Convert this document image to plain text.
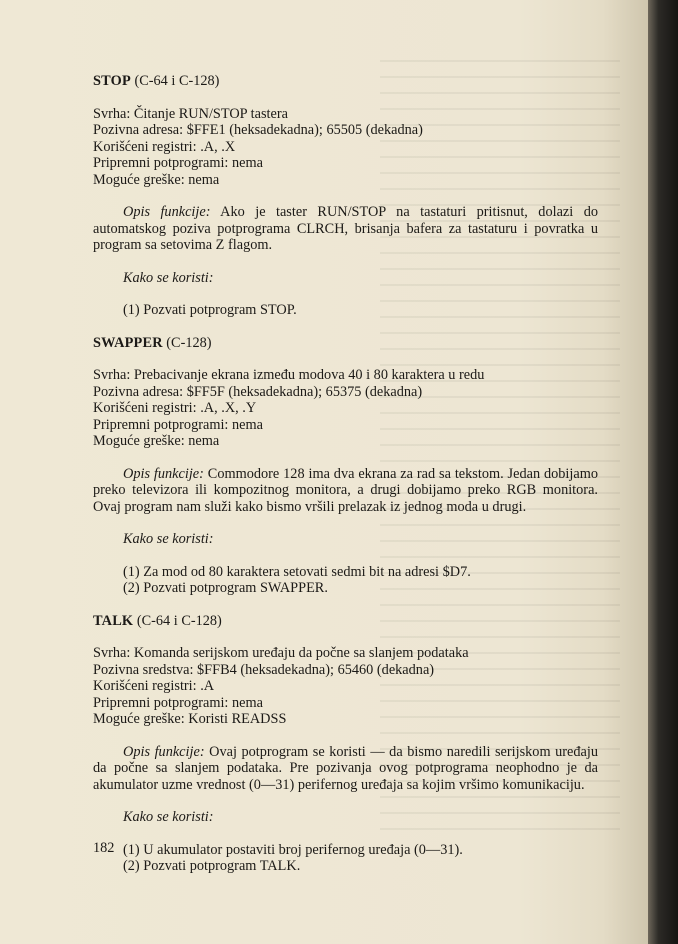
STOP (C-64 i C-128)

Svrha: Čitanje RUN/STOP tastera

Pozivna adresa: $FFE1 (heksadekadna); 65505 (dekadna)

Korišćeni registri: .A, .X

Pripremni potprogrami: nema

Moguće greške: nema

Opis funkcije: Ako je taster RUN/STOP na tastaturi pritisnut, dolazi do automatskog poziva potprograma CLRCH, brisanja bafera za tastaturu i povratka u program sa setovima Z flagom.

Kako se koristi:

(1) Pozvati potprogram STOP.

SWAPPER (C-128)

Svrha: Prebacivanje ekrana između modova 40 i 80 karaktera u redu

Pozivna adresa: $FF5F (heksadekadna); 65375 (dekadna)

Korišćeni registri: .A, .X, .Y

Pripremni potprogrami: nema

Moguće greške: nema

Opis funkcije: Commodore 128 ima dva ekrana za rad sa tekstom. Jedan dobijamo preko televizora ili kompozitnog monitora, a drugi dobijamo preko RGB monitora. Ovaj program nam služi kako bismo vršili prelazak iz jednog moda u drugi.

Kako se koristi:

(1) Za mod od 80 karaktera setovati sedmi bit na adresi $D7.
(2) Pozvati potprogram SWAPPER.

TALK (C-64 i C-128)

Svrha: Komanda serijskom uređaju da počne sa slanjem podataka

Pozivna sredstva: $FFB4 (heksadekadna); 65460 (dekadna)

Korišćeni registri: .A

Pripremni potprogrami: nema

Moguće greške: Koristi READSS

Opis funkcije: Ovaj potprogram se koristi — da bismo naredili serijskom uređaju da počne sa slanjem podataka. Pre pozivanja ovog potprograma neophodno je da akumulator uzme vrednost (0—31) perifernog uređaja sa kojim vršimo komunikaciju.

Kako se koristi:

(1) U akumulator postaviti broj perifernog uređaja (0—31).
(2) Pozvati potprogram TALK.
182
